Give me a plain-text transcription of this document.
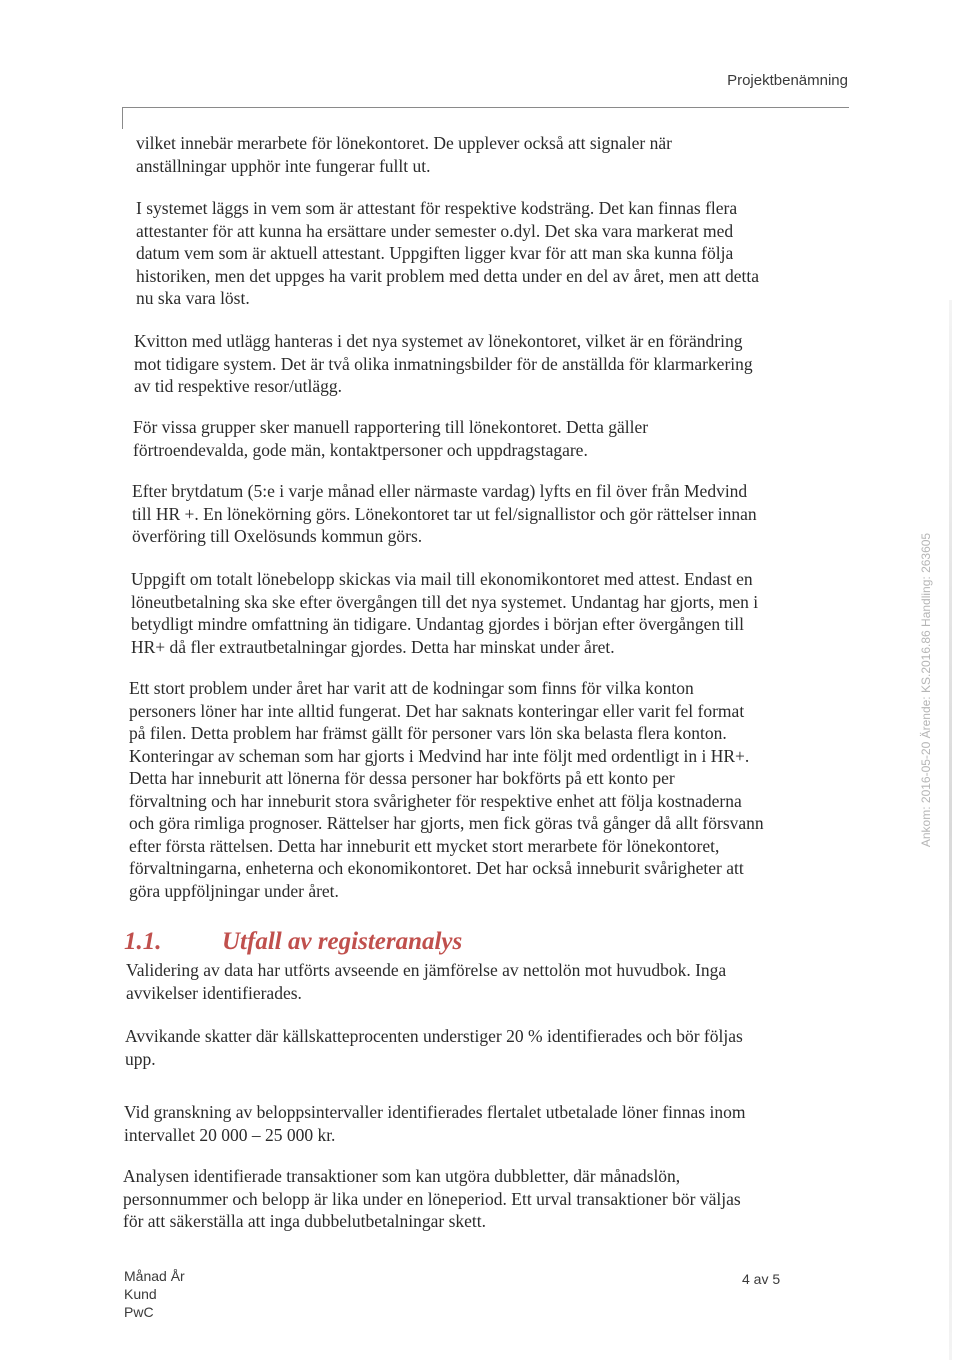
Projektbenämning
vilket innebär merarbete för lönekontoret. De upplever också att signaler när
anställningar upphör inte fungerar fullt ut.
I systemet läggs in vem som är attestant för respektive kodsträng. Det kan finnas flera
attestanter för att kunna ha ersättare under semester o.dyl. Det ska vara markerat med
datum vem som är aktuell attestant. Uppgiften ligger kvar för att man ska kunna följa
historiken, men det uppges ha varit problem med detta under en del av året, men att detta
nu ska vara löst.
Kvitton med utlägg hanteras i det nya systemet av lönekontoret, vilket är en förändring
mot tidigare system. Det är två olika inmatningsbilder för de anställda för klarmarkering
av tid respektive resor/utlägg.
För vissa grupper sker manuell rapportering till lönekontoret. Detta gäller
förtroendevalda, gode män, kontaktpersoner och uppdragstagare.
Efter brytdatum (5:e i varje månad eller närmaste vardag) lyfts en fil över från Medvind
till HR +. En lönekörning görs. Lönekontoret tar ut fel/signallistor och gör rättelser innan
överföring till Oxelösunds kommun görs.
Uppgift om totalt lönebelopp skickas via mail till ekonomikontoret med attest. Endast en
löneutbetalning ska ske efter övergången till det nya systemet. Undantag har gjorts, men i
betydligt mindre omfattning än tidigare. Undantag gjordes i början efter övergången till
HR+ då fler extrautbetalningar gjordes. Detta har minskat under året.
Ett stort problem under året har varit att de kodningar som finns för vilka konton
personers löner har inte alltid fungerat. Det har saknats konteringar eller varit fel format
på filen. Detta problem har främst gällt för personer vars lön ska belasta flera konton.
Konteringar av scheman som har gjorts i Medvind har inte följt med ordentligt in i HR+.
Detta har inneburit att lönerna för dessa personer har bokförts på ett konto per
förvaltning och har inneburit stora svårigheter för respektive enhet att följa kostnaderna
och göra rimliga prognoser. Rättelser har gjorts, men fick göras två gånger då allt försvann
efter första rättelsen. Detta har inneburit ett mycket stort merarbete för lönekontoret,
förvaltningarna, enheterna och ekonomikontoret. Det har också inneburit svårigheter att
göra uppföljningar under året.
1.1. Utfall av registeranalys
Validering av data har utförts avseende en jämförelse av nettolön mot huvudbok. Inga
avvikelser identifierades.
Avvikande skatter där källskatteprocenten understiger 20 % identifierades och bör följas
upp.
Vid granskning av beloppsintervaller identifierades flertalet utbetalade löner finnas inom
intervallet 20 000 – 25 000 kr.
Analysen identifierade transaktioner som kan utgöra dubbletter, där månadslön,
personnummer och belopp är lika under en löneperiod. Ett urval transaktioner bör väljas
för att säkerställa att inga dubbelutbetalningar skett.
Ankom: 2016-05-20 Ärende: KS.2016.86 Handling: 263605
Månad År
Kund
PwC
4 av 5
